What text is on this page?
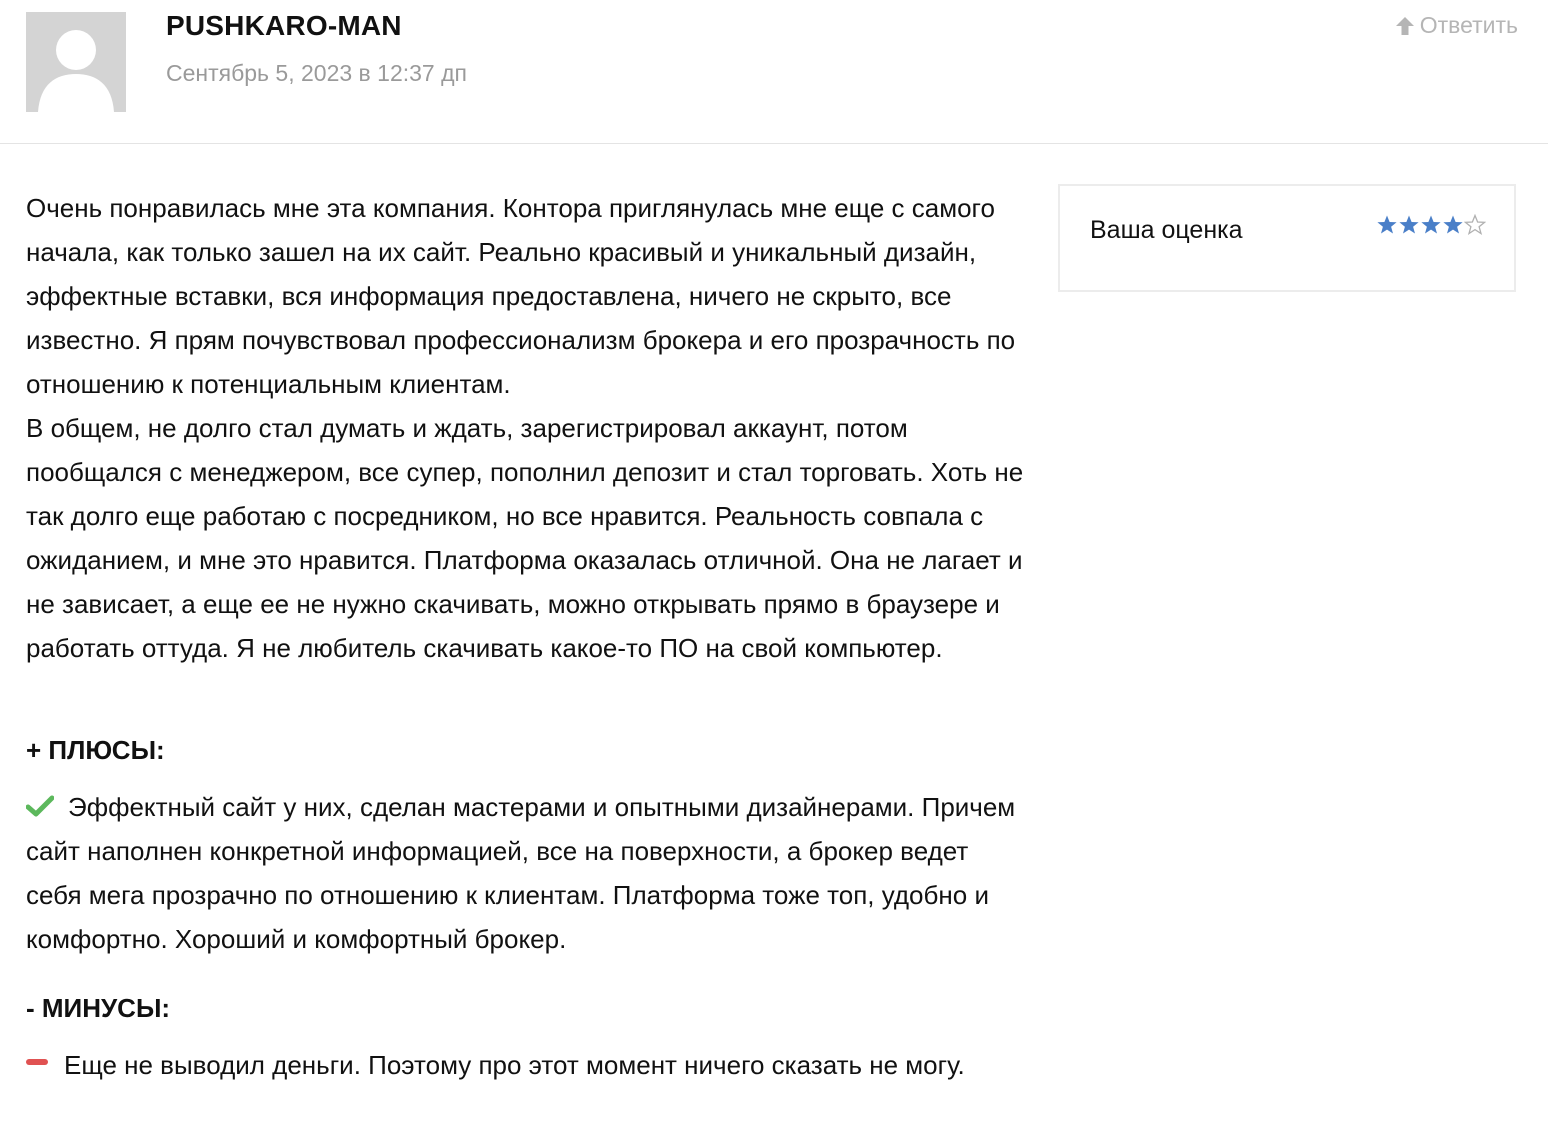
PUSHKARO-MAN
Сентябрь 5, 2023 в 12:37 дп
Ответить

Очень понравилась мне эта компания. Контора приглянулась мне еще с самого начала, как только зашел на их сайт. Реально красивый и уникальный дизайн, эффектные вставки, вся информация предоставлена, ничего не скрыто, все известно. Я прям почувствовал профессионализм брокера и его прозрачность по отношению к потенциальным клиентам.

В общем, не долго стал думать и ждать, зарегистрировал аккаунт, потом пообщался с менеджером, все супер, пополнил депозит и стал торговать. Хоть не так долго еще работаю с посредником, но все нравится. Реальность совпала с ожиданием, и мне это нравится. Платформа оказалась отличной. Она не лагает и не зависает, а еще ее не нужно скачивать, можно открывать прямо в браузере и работать оттуда. Я не любитель скачивать какое-то ПО на свой компьютер.

+ ПЛЮСЫ:
Эффектный сайт у них, сделан мастерами и опытными дизайнерами. Причем сайт наполнен конкретной информацией, все на поверхности, а брокер ведет себя мега прозрачно по отношению к клиентам. Платформа тоже топ, удобно и комфортно. Хороший и комфортный брокер.
- МИНУСЫ:
Еще не выводил деньги. Поэтому про этот момент ничего сказать не могу.
Ваша оценка
